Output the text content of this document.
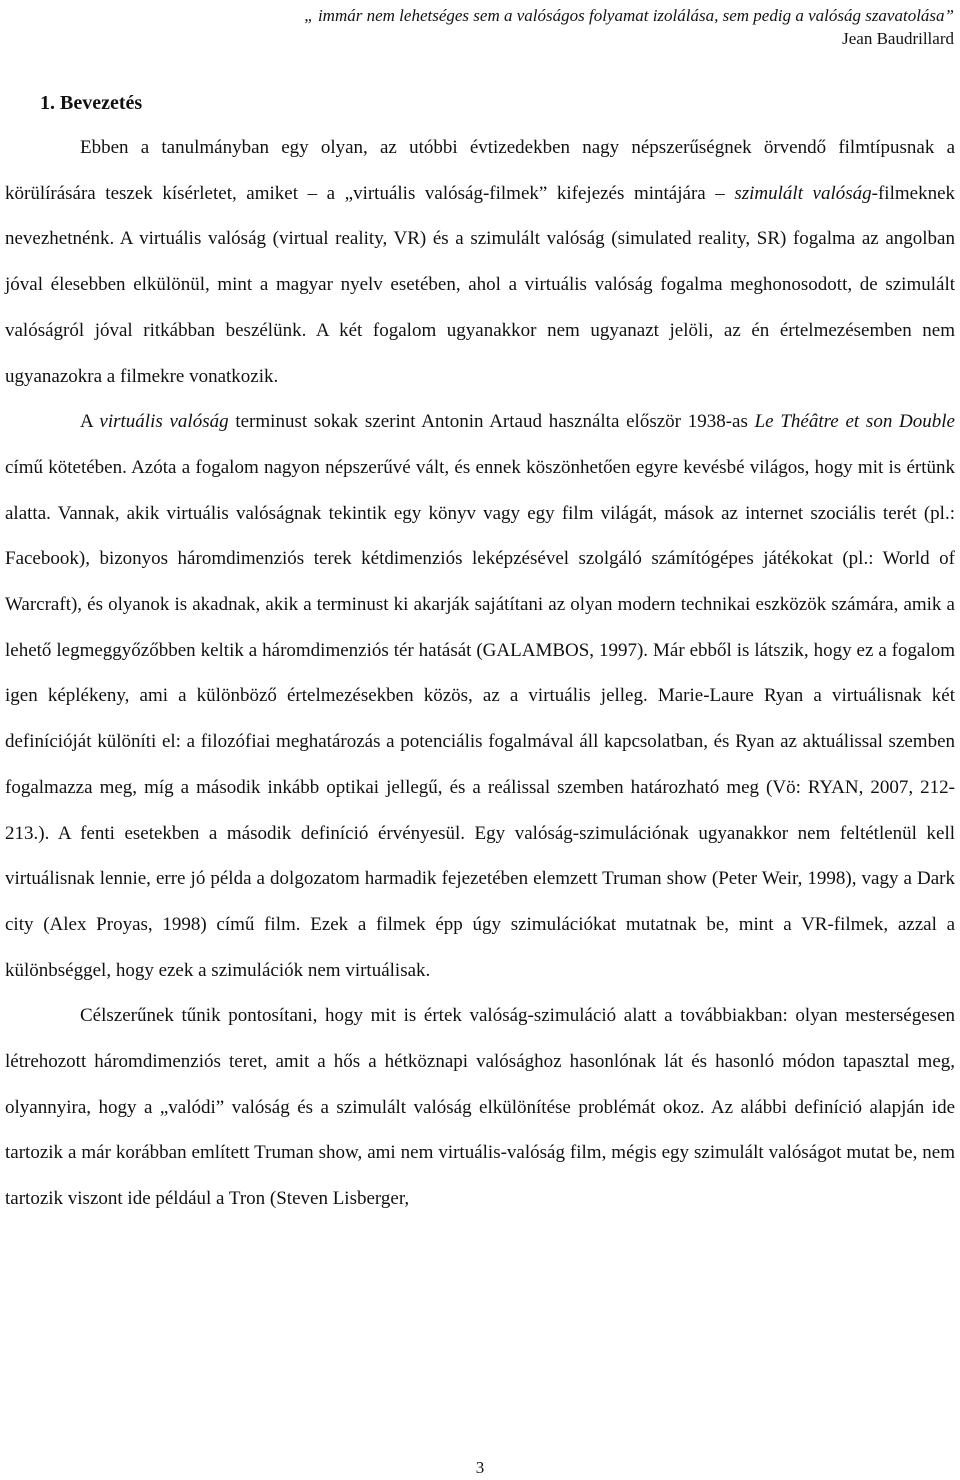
„ immár nem lehetséges sem a valóságos folyamat izolálása, sem pedig a valóság szavatolása”
Jean Baudrillard
1. Bevezetés

Ebben a tanulmányban egy olyan, az utóbbi évtizedekben nagy népszerűségnek örvendő filmtípusnak a körülírására teszek kísérletet, amiket – a „virtuális valóság-filmek” kifejezés mintájára – szimulált valóság-filmeknek nevezhetnénk. A virtuális valóság (virtual reality, VR) és a szimulált valóság (simulated reality, SR) fogalma az angolban jóval élesebben elkülönül, mint a magyar nyelv esetében, ahol a virtuális valóság fogalma meghonosodott, de szimulált valóságról jóval ritkábban beszélünk. A két fogalom ugyanakkor nem ugyanazt jelöli, az én értelmezésemben nem ugyanazokra a filmekre vonatkozik.

A virtuális valóság terminust sokak szerint Antonin Artaud használta először 1938-as Le Théâtre et son Double című kötetében. Azóta a fogalom nagyon népszerűvé vált, és ennek köszönhetően egyre kevésbé világos, hogy mit is értünk alatta. Vannak, akik virtuális valóságnak tekintik egy könyv vagy egy film világát, mások az internet szociális terét (pl.: Facebook), bizonyos háromdimenziós terek kétdimenziós leképzésével szolgáló számítógépes játékokat (pl.: World of Warcraft), és olyanok is akadnak, akik a terminust ki akarják sajátítani az olyan modern technikai eszközök számára, amik a lehető legmeggyőzőbben keltik a háromdimenziós tér hatását (GALAMBOS, 1997). Már ebből is látszik, hogy ez a fogalom igen képlékeny, ami a különböző értelmezésekben közös, az a virtuális jelleg. Marie-Laure Ryan a virtuálisnak két definícióját különíti el: a filozófiai meghatározás a potenciális fogalmával áll kapcsolatban, és Ryan az aktuálissal szemben fogalmazza meg, míg a második inkább optikai jellegű, és a reálissal szemben határozható meg (Vö: RYAN, 2007, 212-213.). A fenti esetekben a második definíció érvényesül. Egy valóság-szimulációnak ugyanakkor nem feltétlenül kell virtuálisnak lennie, erre jó példa a dolgozatom harmadik fejezetében elemzett Truman show (Peter Weir, 1998), vagy a Dark city (Alex Proyas, 1998) című film. Ezek a filmek épp úgy szimulációkat mutatnak be, mint a VR-filmek, azzal a különbséggel, hogy ezek a szimulációk nem virtuálisak.

Célszerűnek tűnik pontosítani, hogy mit is értek valóság-szimuláció alatt a továbbiakban: olyan mesterségesen létrehozott háromdimenziós teret, amit a hős a hétköznapi valósághoz hasonlónak lát és hasonló módon tapasztal meg, olyannyira, hogy a „valódi” valóság és a szimulált valóság elkülönítése problémát okoz. Az alábbi definíció alapján ide tartozik a már korábban említett Truman show, ami nem virtuális-valóság film, mégis egy szimulált valóságot mutat be, nem tartozik viszont ide például a Tron (Steven Lisberger,

3
